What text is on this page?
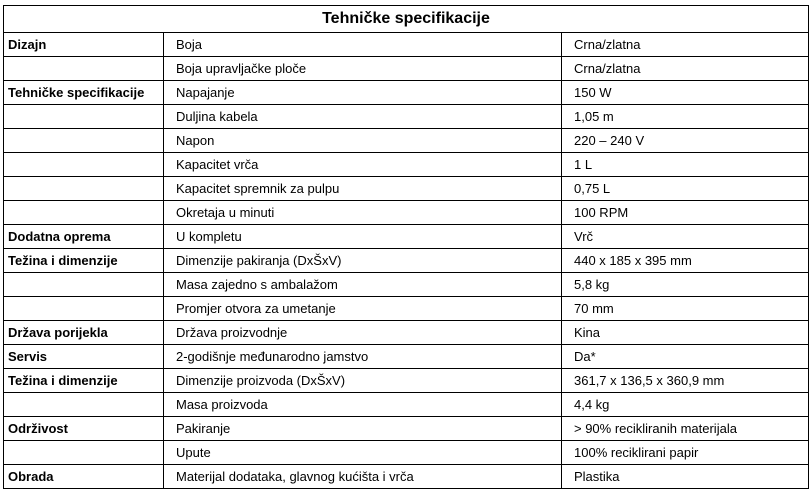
Tehničke specifikacije		
Dizajn	Boja	Crna/zlatna
	Boja upravljačke ploče	Crna/zlatna
Tehničke specifikacije	Napajanje	150 W
	Duljina kabela	1,05 m
	Napon	220 – 240 V
	Kapacitet vrča	1 L
	Kapacitet spremnik za pulpu	0,75 L
	Okretaja u minuti	100 RPM
Dodatna oprema	U kompletu	Vrč
Težina i dimenzije	Dimenzije pakiranja (DxŠxV)	440 x 185 x 395 mm
	Masa zajedno s ambalažom	5,8 kg
	Promjer otvora za umetanje	70 mm
Država porijekla	Država proizvodnje	Kina
Servis	2-godišnje međunarodno jamstvo	Da*
Težina i dimenzije	Dimenzije proizvoda (DxŠxV)	361,7 x 136,5 x 360,9 mm
	Masa proizvoda	4,4 kg
Održivost	Pakiranje	> 90% recikliranih materijala
	Upute	100% reciklirani papir
Obrada	Materijal dodataka, glavnog kućišta i vrča	Plastika
